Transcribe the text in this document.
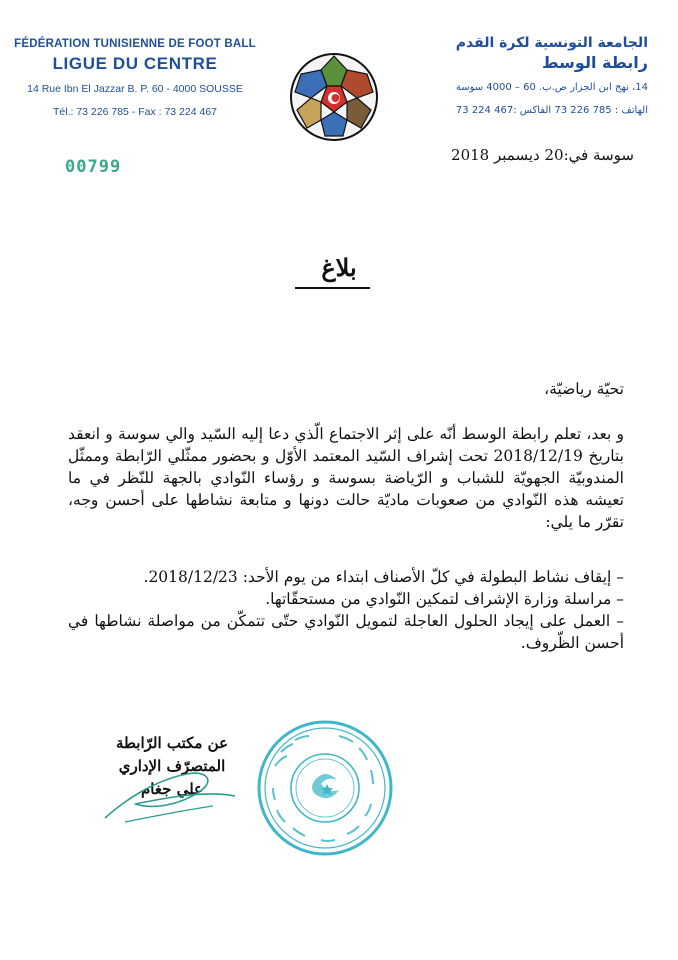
FÉDÉRATION TUNISIENNE DE FOOT BALL
LIGUE DU CENTRE
14 Rue Ibn El Jazzar B. P. 60 - 4000 SOUSSE
Tél.: 73 226 785 - Fax : 73 224 467
الجامعة التونسية لكرة القدم
رابطة الوسط
14، نهج ابن الجزار ص.ب. 60 – 4000 سوسة
الهاتف : 785 226 73 الفاكس :467 224 73
سوسة في:20 ديسمبر 2018
00799
بلاغ
تحيّة رياضيّة،
و بعد، تعلم رابطة الوسط أنّه على إثر الاجتماع الّذي دعا إليه السّيد والي سوسة و انعقد بتاريخ 2018/12/19 تحت إشراف السّيد المعتمد الأوّل و بحضور ممثّلي الرّابطة وممثّل المندوبيّة الجهويّة للشباب و الرّياضة بسوسة و رؤساء النّوادي بالجهة للنّظر في ما تعيشه هذه النّوادي من صعوبات ماديّة حالت دونها و متابعة نشاطها على أحسن وجه، تقرّر ما يلي:

– إيقاف نشاط البطولة في كلّ الأصناف ابتداء من يوم الأحد: 2018/12/23.

– مراسلة وزارة الإشراف لتمكين النّوادي من مستحقّاتها.

– العمل على إيجاد الحلول العاجلة لتمويل النّوادي حتّى تتمكّن من مواصلة نشاطها في أحسن الظّروف.

عن مكتب الرّابطة
المتصرّف الإداري
علي جغام
